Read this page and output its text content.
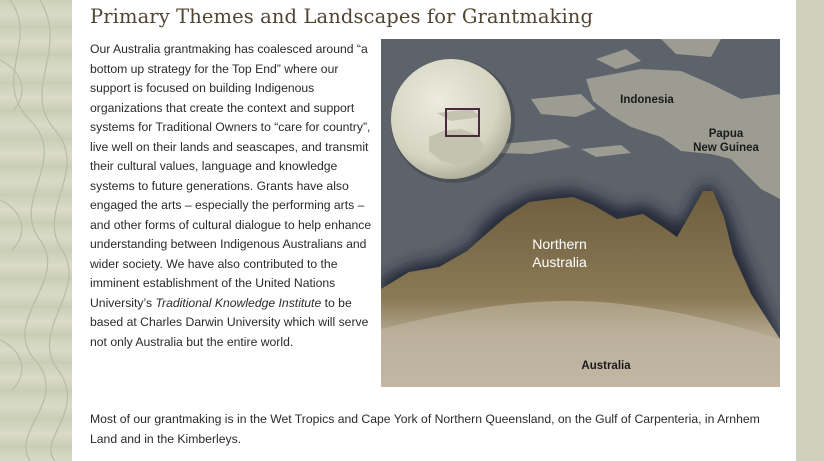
Primary Themes and Landscapes for Grantmaking
Our Australia grantmaking has coalesced around “a bottom up strategy for the Top End” where our support is focused on building Indigenous organizations that create the context and support systems for Traditional Owners to “care for country”, live well on their lands and seascapes, and transmit their cultural values, language and knowledge systems to future generations. Grants have also engaged the arts – especially the performing arts – and other forms of cultural dialogue to help enhance understanding between Indigenous Australians and wider society. We have also contributed to the imminent establishment of the United Nations University’s Traditional Knowledge Institute to be based at Charles Darwin University which will serve not only Australia but the entire world.
Indonesia
Papua
New Guinea
Northern
Australia
Australia
Most of our grantmaking is in the Wet Tropics and Cape York of Northern Queensland, on the Gulf of Carpenteria, in Arnhem Land and in the Kimberleys.
